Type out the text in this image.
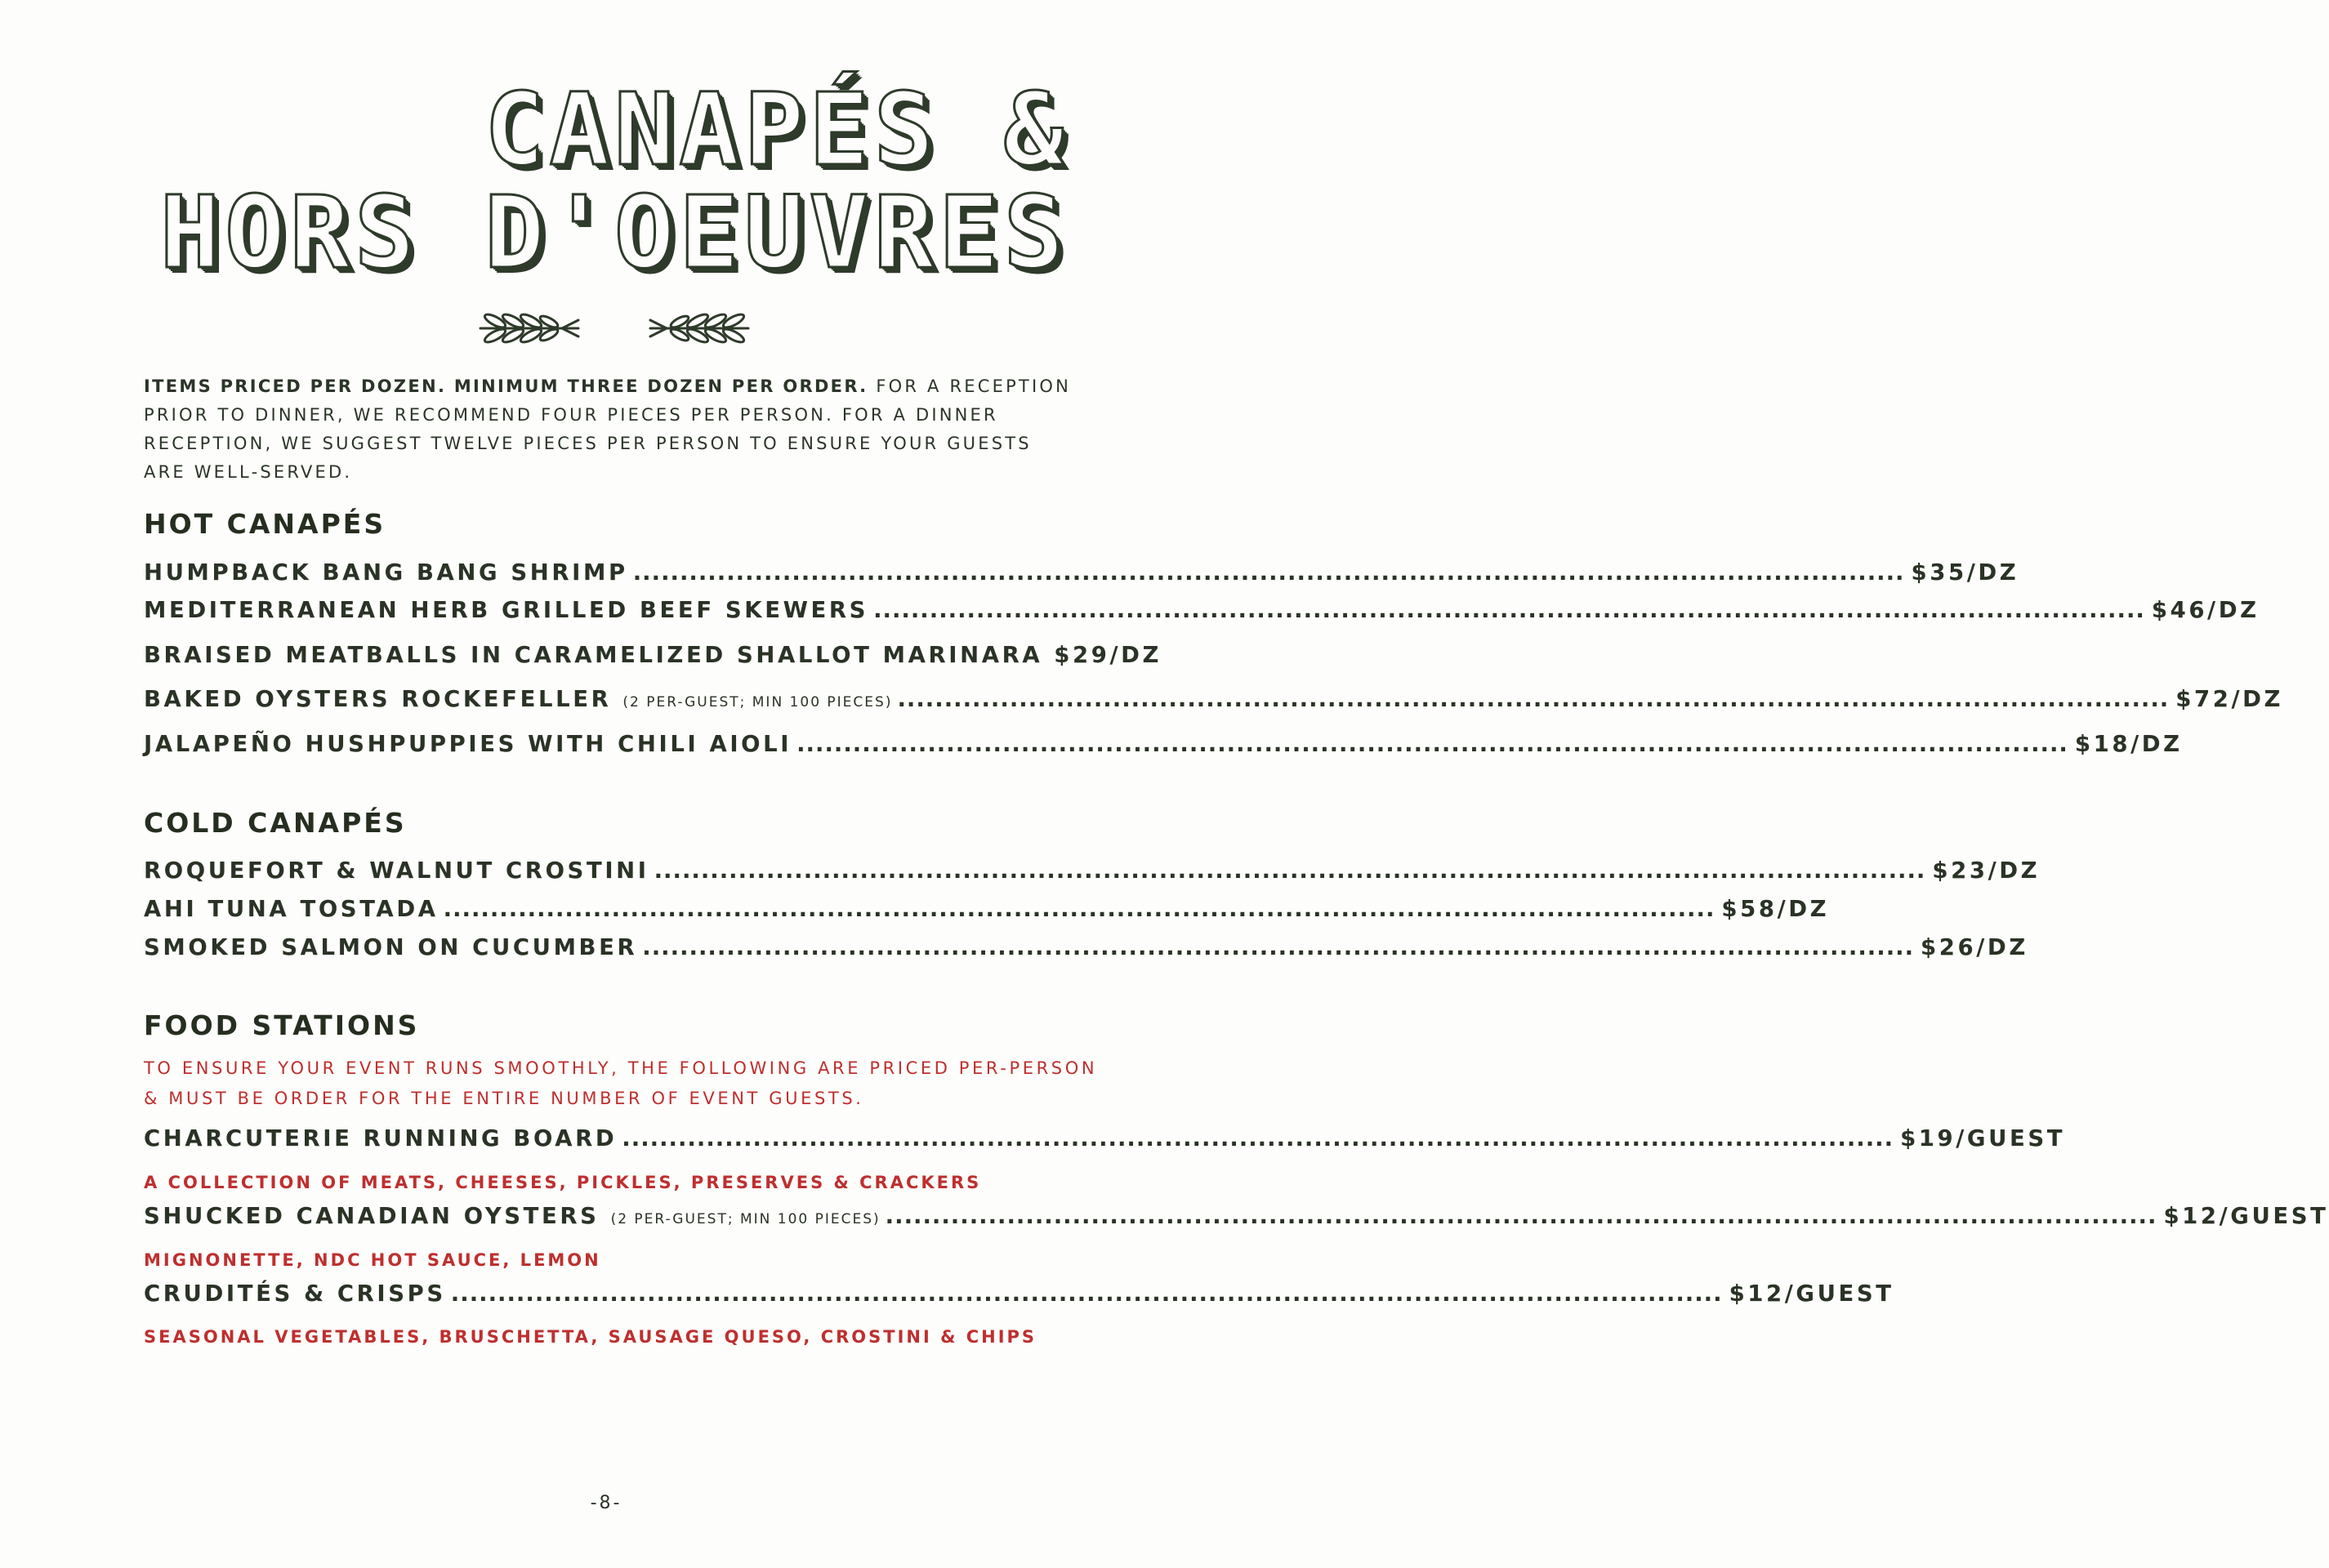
CANAPÉS &
HORS D'OEUVRES
ITEMS PRICED PER DOZEN. MINIMUM THREE DOZEN PER ORDER. FOR A RECEPTION PRIOR TO DINNER, WE RECOMMEND FOUR PIECES PER PERSON. FOR A DINNER RECEPTION, WE SUGGEST TWELVE PIECES PER PERSON TO ENSURE YOUR GUESTS ARE WELL-SERVED.
HOT CANAPÉS
HUMPBACK BANG BANG SHRIMP .....	$35/DZ
MEDITERRANEAN HERB GRILLED BEEF SKEWERS .....	$46/DZ
BRAISED MEATBALLS IN CARAMELIZED SHALLOT MARINARA $29/DZ
BAKED OYSTERS ROCKEFELLER (2 PER-GUEST; MIN 100 PIECES) .....	$72/DZ
JALAPEÑO HUSHPUPPIES WITH CHILI AIOLI .....	$18/DZ
COLD CANAPÉS
ROQUEFORT & WALNUT CROSTINI .....	$23/DZ
AHI TUNA TOSTADA .....	$58/DZ
SMOKED SALMON ON CUCUMBER .....	$26/DZ
FOOD STATIONS
TO ENSURE YOUR EVENT RUNS SMOOTHLY, THE FOLLOWING ARE PRICED PER-PERSON
& MUST BE ORDER FOR THE ENTIRE NUMBER OF EVENT GUESTS.
CHARCUTERIE RUNNING BOARD .....	$19/GUEST
A COLLECTION OF MEATS, CHEESES, PICKLES, PRESERVES & CRACKERS
SHUCKED CANADIAN OYSTERS (2 PER-GUEST; MIN 100 PIECES) .....	$12/GUEST
MIGNONETTE, NDC HOT SAUCE, LEMON
CRUDITÉS & CRISPS .....	$12/GUEST
SEASONAL VEGETABLES, BRUSCHETTA, SAUSAGE QUESO, CROSTINI & CHIPS
-8-
